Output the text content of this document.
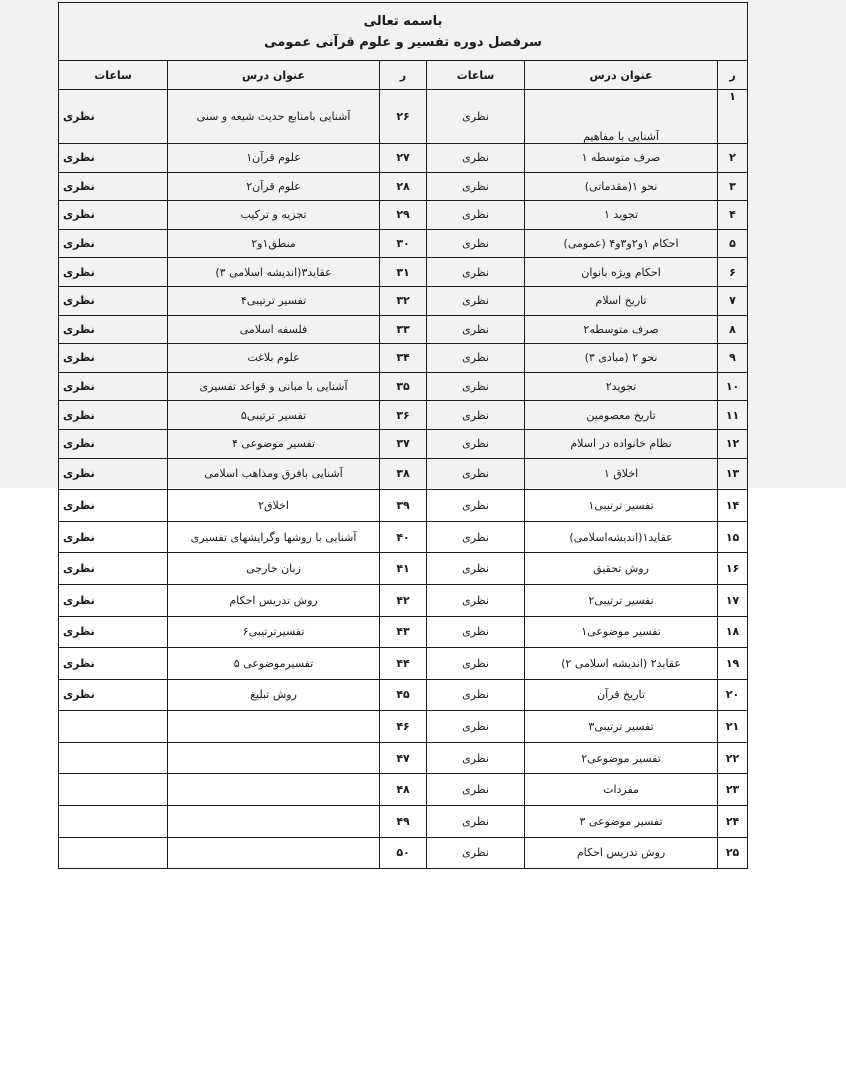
باسمه تعالی
سرفصل دوره تفسیر و علوم قرآنی عمومی					

ر	عنوان درس	ساعات	ر	عنوان درس	ساعات
۱	آشنایی با مفاهیم	نظری	۲۶	آشنایی بامنابع حدیث شیعه و سنی	نظری
۲	صرف متوسطه ۱	نظری	۲۷	علوم قرآن۱	نظری
۳	نحو ۱(مقدماتی)	نظری	۲۸	علوم قرآن۲	نظری
۴	تجوید ۱	نظری	۲۹	تجزیه و ترکیب	نظری
۵	احکام ۱و۲و۳و۴ (عمومی)	نظری	۳۰	منطق۱و۲	نظری
۶	احکام ویژه بانوان	نظری	۳۱	عقاید۳(اندیشه اسلامی ۳)	نظری
۷	تاریخ اسلام	نظری	۳۲	تفسیر ترتیبی۴	نظری
۸	صرف متوسطه۲	نظری	۳۳	فلسفه اسلامی	نظری
۹	نحو ۲ (مبادی ۳)	نظری	۳۴	علوم بلاغت	نظری
۱۰	تجوید۲	نظری	۳۵	آشنایی با مبانی و قواعد تفسیری	نظری
۱۱	تاریخ معصومین	نظری	۳۶	تفسیر ترتیبی۵	نظری
۱۲	نظام خانواده در اسلام	نظری	۳۷	تفسیر موضوعی ۴	نظری
۱۳	اخلاق ۱	نظری	۳۸	آشنایی بافرق ومذاهب اسلامی	نظری
۱۴	تفسیر ترتیبی۱	نظری	۳۹	اخلاق۲	نظری
۱۵	عقاید۱(اندیشه‌اسلامی)	نظری	۴۰	آشنایی با روشها وگرایشهای تفسیری	نظری
۱۶	روش تحقیق	نظری	۴۱	زبان خارجی	نظری
۱۷	تفسیر ترتیبی۲	نظری	۴۲	روش تدریس احکام	نظری
۱۸	تفسیر موضوعی۱	نظری	۴۳	تفسیرترتیبی۶	نظری
۱۹	عقاید۲ (اندیشه اسلامی ۲)	نظری	۴۴	تفسیرموضوعی ۵	نظری
۲۰	تاریخ قرآن	نظری	۴۵	روش تبلیغ	نظری
۲۱	تفسیر ترتیبی۳	نظری	۴۶		
۲۲	تفسیر موضوعی۲	نظری	۴۷		
۲۳	مفردات	نظری	۴۸		
۲۴	تفسیر موضوعی ۳	نظری	۴۹		
۲۵	روش تدریس احکام	نظری	۵۰		
